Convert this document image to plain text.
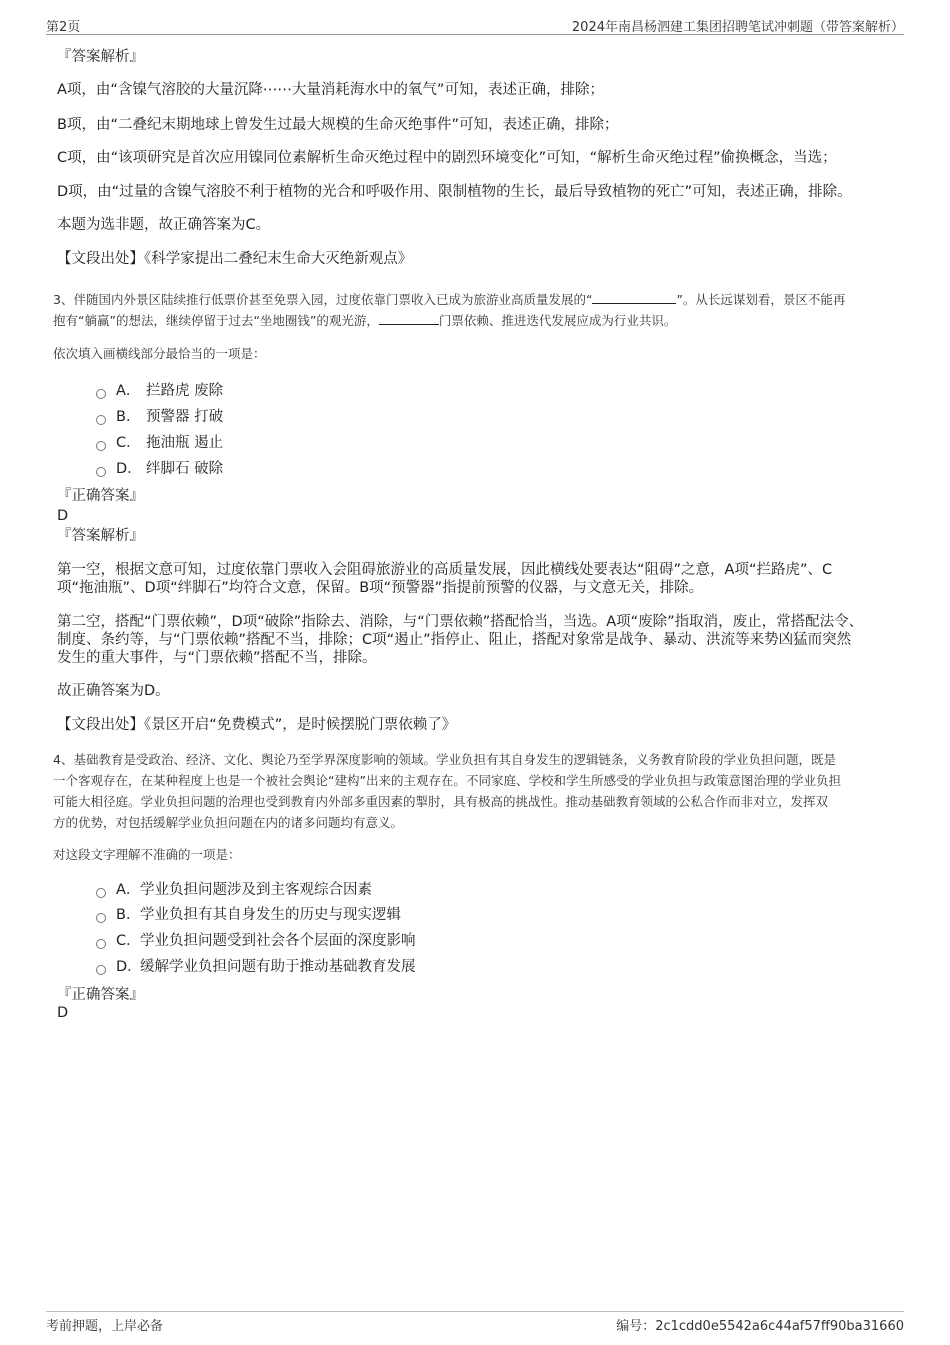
第2页	2024年南昌杨泗建工集团招聘笔试冲刺题（带答案解析）
『答案解析』
A项，由“含镍气溶胶的大量沉降⋯⋯大量消耗海水中的氧气”可知，表述正确，排除；
B项，由“二叠纪末期地球上曾发生过最大规模的生命灭绝事件”可知，表述正确，排除；
C项，由“该项研究是首次应用镍同位素解析生命灭绝过程中的剧烈环境变化”可知，“解析生命灭绝过程”偷换概念，当选；
D项，由“过量的含镍气溶胶不利于植物的光合和呼吸作用、限制植物的生长，最后导致植物的死亡”可知，表述正确，排除。
本题为选非题，故正确答案为C。
【文段出处】《科学家提出二叠纪末生命大灭绝新观点》
3、伴随国内外景区陆续推行低票价甚至免票入园，过度依靠门票收入已成为旅游业高质量发展的“	”。从长远谋划看，景区不能再
抱有“躺赢”的想法，继续停留于过去“坐地圈钱”的观光游，	门票依赖、推进迭代发展应成为行业共识。
依次填入画横线部分最恰当的一项是：
A． 拦路虎 废除
B． 预警器 打破
C． 拖油瓶 遏止
D． 绊脚石 破除
『正确答案』
D
『答案解析』
第一空，根据文意可知，过度依靠门票收入会阻碍旅游业的高质量发展，因此横线处要表达“阻碍”之意，A项“拦路虎”、C
项“拖油瓶”、D项“绊脚石”均符合文意，保留。B项“预警器”指提前预警的仪器，与文意无关，排除。
第二空，搭配“门票依赖”，D项“破除”指除去、消除，与“门票依赖”搭配恰当，当选。A项“废除”指取消，废止，常搭配法令、
制度、条约等，与“门票依赖”搭配不当，排除；C项“遏止”指停止、阻止，搭配对象常是战争、暴动、洪流等来势凶猛而突然
发生的重大事件，与“门票依赖”搭配不当，排除。
故正确答案为D。
【文段出处】《景区开启“免费模式”，是时候摆脱门票依赖了》
4、基础教育是受政治、经济、文化、舆论乃至学界深度影响的领域。学业负担有其自身发生的逻辑链条，义务教育阶段的学业负担问题，既是
一个客观存在，在某种程度上也是一个被社会舆论“建构”出来的主观存在。不同家庭、学校和学生所感受的学业负担与政策意图治理的学业负担
可能大相径庭。学业负担问题的治理也受到教育内外部多重因素的掣肘，具有极高的挑战性。推动基础教育领域的公私合作而非对立，发挥双
方的优势，对包括缓解学业负担问题在内的诸多问题均有意义。
对这段文字理解不准确的一项是：
A． 学业负担问题涉及到主客观综合因素
B． 学业负担有其自身发生的历史与现实逻辑
C． 学业负担问题受到社会各个层面的深度影响
D．
缓解学业负担问题有助于推动基础教育发展
『正确答案』
D
考前押题，上岸必备	编号：2c1cdd0e5542a6c44af57ff90ba31660
